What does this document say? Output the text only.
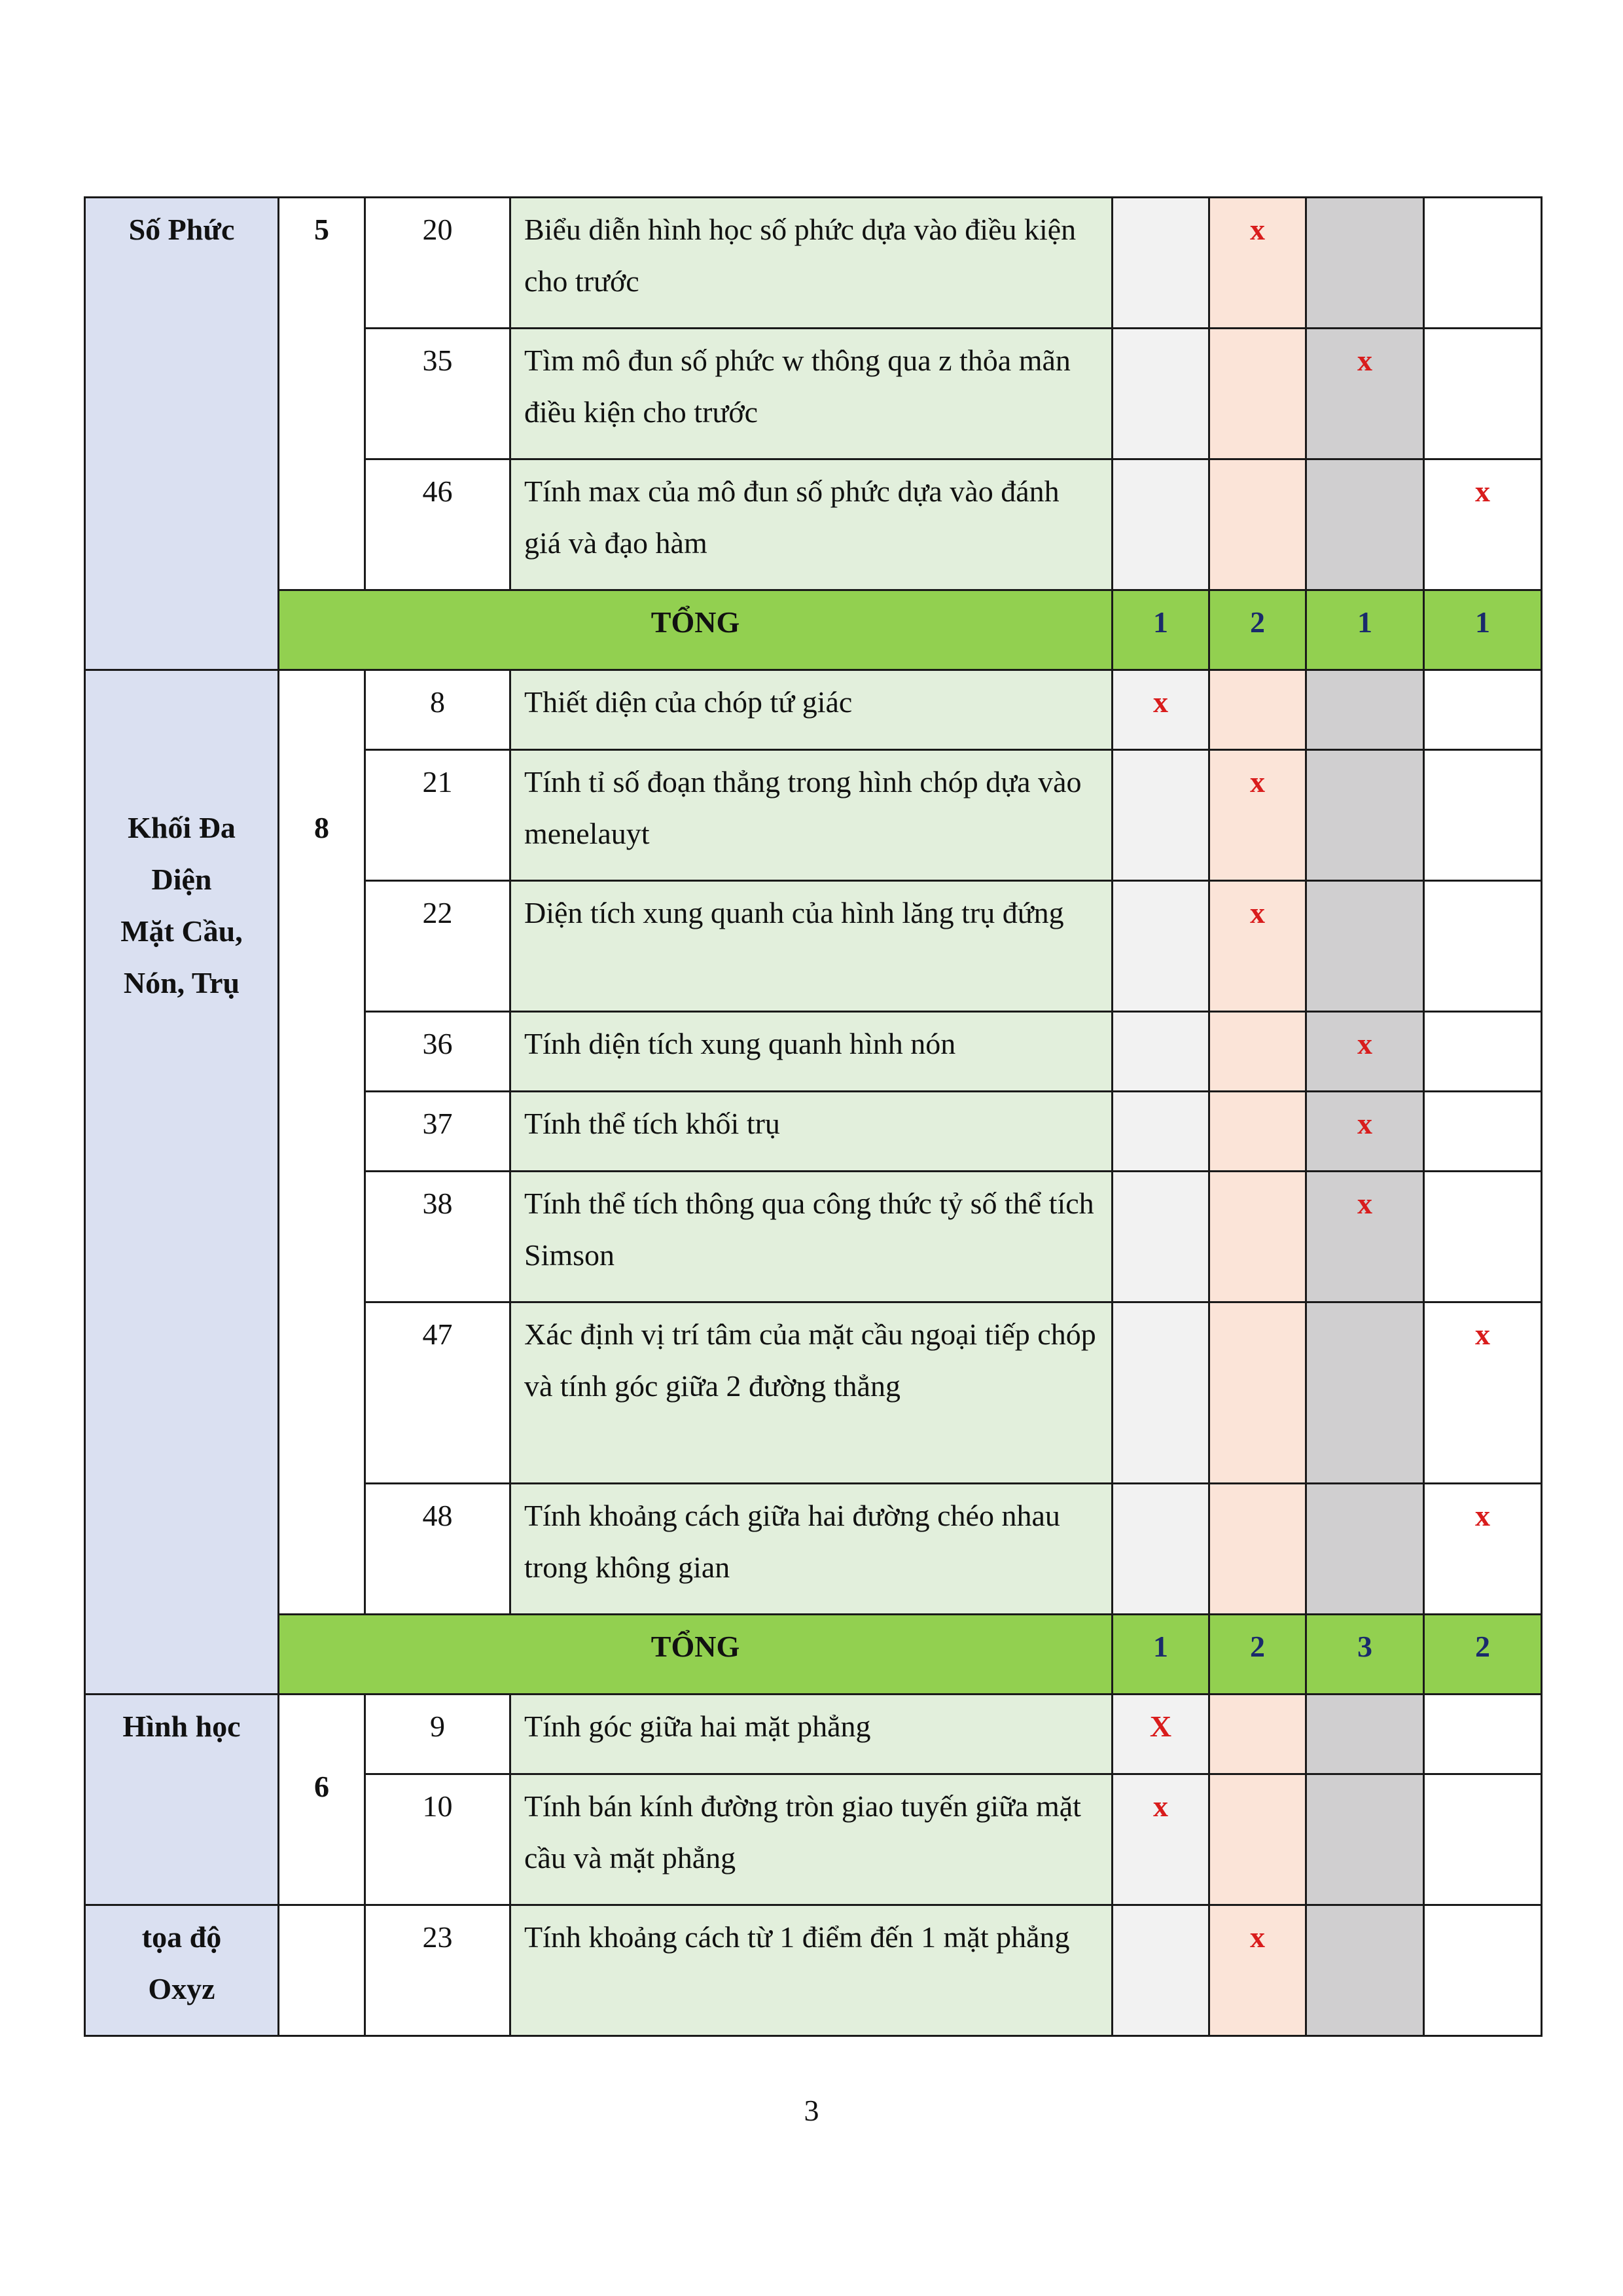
Số Phức	5	20	Biểu diễn hình học số phức dựa vào điều kiện cho trước		x		
		35	Tìm mô đun số phức w thông qua z thỏa mãn điều kiện cho trước			x	
		46	Tính max của mô đun số phức dựa vào đánh giá và đạo hàm				x
	TỔNG			1	2	1	1

Khối Đa
Diện
Mặt Cầu,
Nón, Trụ	8	8	Thiết diện của chóp tứ giác	x			
		21	Tính tỉ số đoạn thẳng trong hình chóp dựa vào menelauyt		x		
		22	Diện tích xung quanh của hình lăng trụ đứng		x		
		36	Tính diện tích xung quanh hình nón			x	
		37	Tính thể tích khối trụ			x	
		38	Tính thể tích thông qua công thức tỷ số thể tích Simson			x	
		47	Xác định vị trí tâm của mặt cầu ngoại tiếp chóp và tính góc giữa 2 đường thẳng				x
		48	Tính khoảng cách giữa hai đường chéo nhau trong không gian				x
	TỔNG			1	2	3	2

Hình học	6	9	Tính góc giữa hai mặt phẳng	X			
		10	Tính bán kính đường tròn giao tuyến giữa mặt cầu và mặt phẳng	x			

tọa độ
Oxyz		23	Tính khoảng cách từ 1 điểm đến 1 mặt phẳng		x		
3
